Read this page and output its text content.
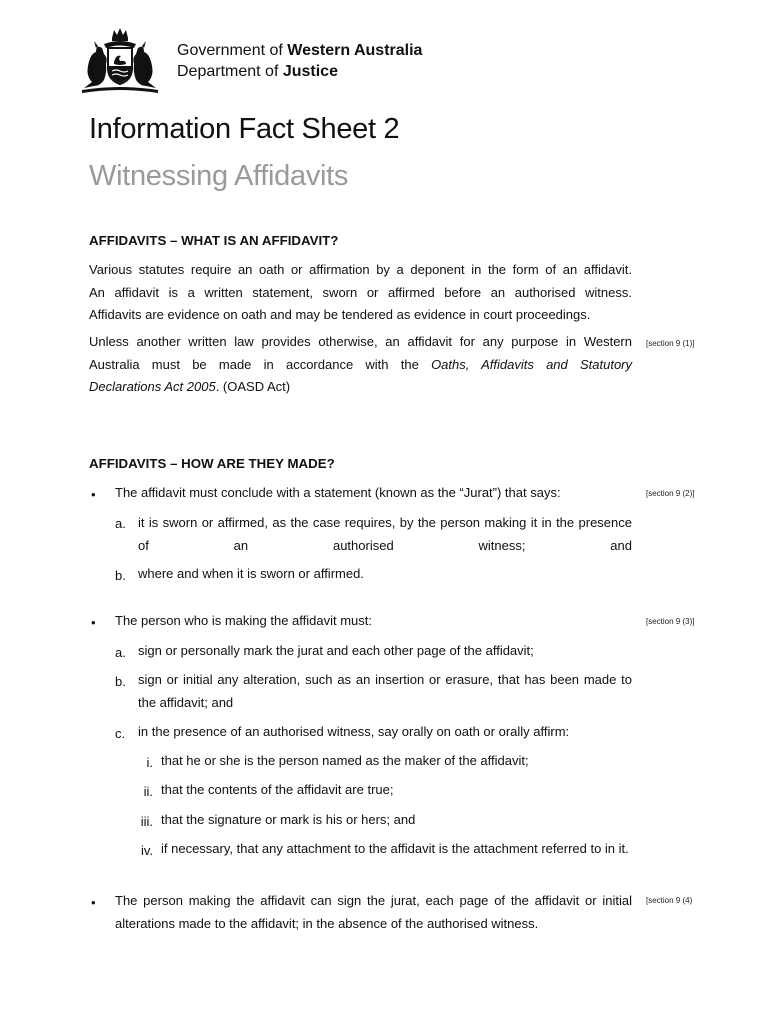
Government of Western Australia
Department of Justice
Information Fact Sheet 2
Witnessing Affidavits
AFFIDAVITS – WHAT IS AN AFFIDAVIT?
Various statutes require an oath or affirmation by a deponent in the form of an affidavit.
An affidavit is a written statement, sworn or affirmed before an authorised witness.
Affidavits are evidence on oath and may be tendered as evidence in court proceedings.
Unless another written law provides otherwise, an affidavit for any purpose in Western
Australia must be made in accordance with the Oaths, Affidavits and Statutory
Declarations Act 2005. (OASD Act)
[section 9 (1)]
AFFIDAVITS – HOW ARE THEY MADE?
• The affidavit must conclude with a statement (known as the “Jurat”) that says:	[section 9 (2)]
a. it is sworn or affirmed, as the case requires, by the person making it in the presence of an authorised witness; and
b. where and when it is sworn or affirmed.
• The person who is making the affidavit must:	[section 9 (3)]
a. sign or personally mark the jurat and each other page of the affidavit;
b. sign or initial any alteration, such as an insertion or erasure, that has been made to the affidavit; and
c. in the presence of an authorised witness, say orally on oath or orally affirm:
i. that he or she is the person named as the maker of the affidavit;
ii. that the contents of the affidavit are true;
iii. that the signature or mark is his or hers; and
iv. if necessary, that any attachment to the affidavit is the attachment referred to in it.
• The person making the affidavit can sign the jurat, each page of the affidavit or initial alterations made to the affidavit; in the absence of the authorised witness.
[section 9 (4)
